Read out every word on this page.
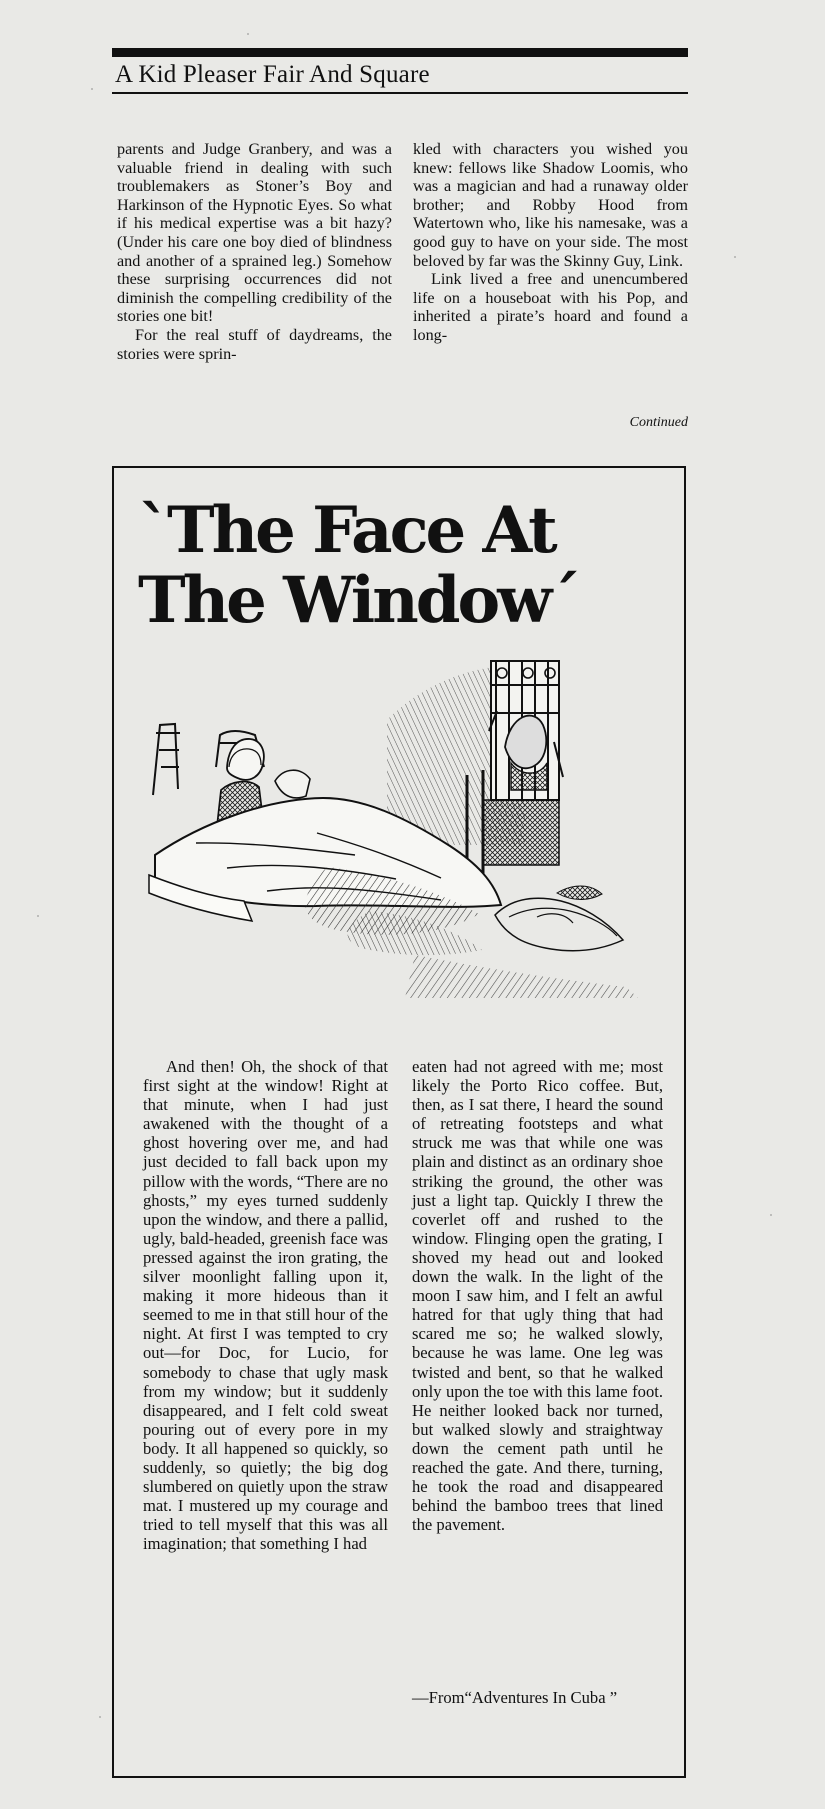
A Kid Pleaser Fair And Square

parents and Judge Granbery, and was a valuable friend in dealing with such troublemakers as Stoner’s Boy and Harkinson of the Hypnotic Eyes. So what if his medical expertise was a bit hazy? (Under his care one boy died of blindness and another of a sprained leg.) Somehow these surprising occurrences did not diminish the compelling credibility of the stories one bit!

For the real stuff of daydreams, the stories were sprin-

kled with characters you wished you knew: fellows like Shadow Loomis, who was a magician and had a runaway older brother; and Robby Hood from Watertown who, like his namesake, was a good guy to have on your side. The most beloved by far was the Skinny Guy, Link.

Link lived a free and unencumbered life on a houseboat with his Pop, and inherited a pirate’s hoard and found a long-

Continued
`The Face At
The Window´

And then! Oh, the shock of that first sight at the window! Right at that minute, when I had just awakened with the thought of a ghost hovering over me, and had just decided to fall back upon my pillow with the words, “There are no ghosts,” my eyes turned suddenly upon the window, and there a pallid, ugly, bald-headed, greenish face was pressed against the iron grating, the silver moonlight falling upon it, making it more hideous than it seemed to me in that still hour of the night. At first I was tempted to cry out—for Doc, for Lucio, for somebody to chase that ugly mask from my window; but it suddenly disappeared, and I felt cold sweat pouring out of every pore in my body. It all happened so quickly, so suddenly, so quietly; the big dog slumbered on quietly upon the straw mat. I mustered up my courage and tried to tell myself that this was all imagination; that something I had

eaten had not agreed with me; most likely the Porto Rico coffee. But, then, as I sat there, I heard the sound of retreating footsteps and what struck me was that while one was plain and distinct as an ordinary shoe striking the ground, the other was just a light tap. Quickly I threw the coverlet off and rushed to the window. Flinging open the grating, I shoved my head out and looked down the walk. In the light of the moon I saw him, and I felt an awful hatred for that ugly thing that had scared me so; he walked slowly, because he was lame. One leg was twisted and bent, so that he walked only upon the toe with this lame foot. He neither looked back nor turned, but walked slowly and straightway down the cement path until he reached the gate. And there, turning, he took the road and disappeared behind the bamboo trees that lined the pavement.

—From“Adventures In Cuba ”
